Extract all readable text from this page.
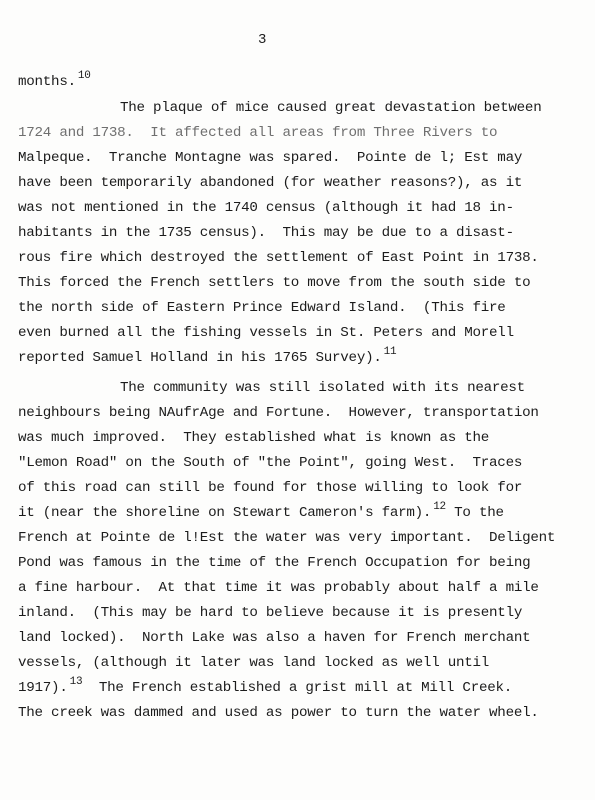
3
months. $^{10}$
The plaque of mice caused great devastation between
1724 and 1738.  It affected all areas from Three Rivers to
Malpeque.  Tranche Montagne was spared.  Pointe de l; Est may
have been temporarily abandoned (for weather reasons?), as it
was not mentioned in the 1740 census (although it had 18 in-
habitants in the 1735 census).  This may be due to a disast-
rous fire which destroyed the settlement of East Point in 1738.
This forced the French settlers to move from the south side to
the north side of Eastern Prince Edward Island.  (This fire
even burned all the fishing vessels in St. Peters and Morell
reported Samuel Holland in his 1765 Survey). $^{11}$
The community was still isolated with its nearest
neighbours being NAufrAge and Fortune.  However, transportation
was much improved.  They established what is known as the
"Lemon Road" on the South of "the Point", going West.  Traces
of this road can still be found for those willing to look for
it (near the shoreline on Stewart Cameron's farm). $^{12}$ To the
French at Pointe de l!Est the water was very important.  Deligent
Pond was famous in the time of the French Occupation for being
a fine harbour.  At that time it was probably about half a mile
inland.  (This may be hard to believe because it is presently
land locked).  North Lake was also a haven for French merchant
vessels, (although it later was land locked as well until
1917). $^{13}$  The French established a grist mill at Mill Creek.
The creek was dammed and used as power to turn the water wheel.
